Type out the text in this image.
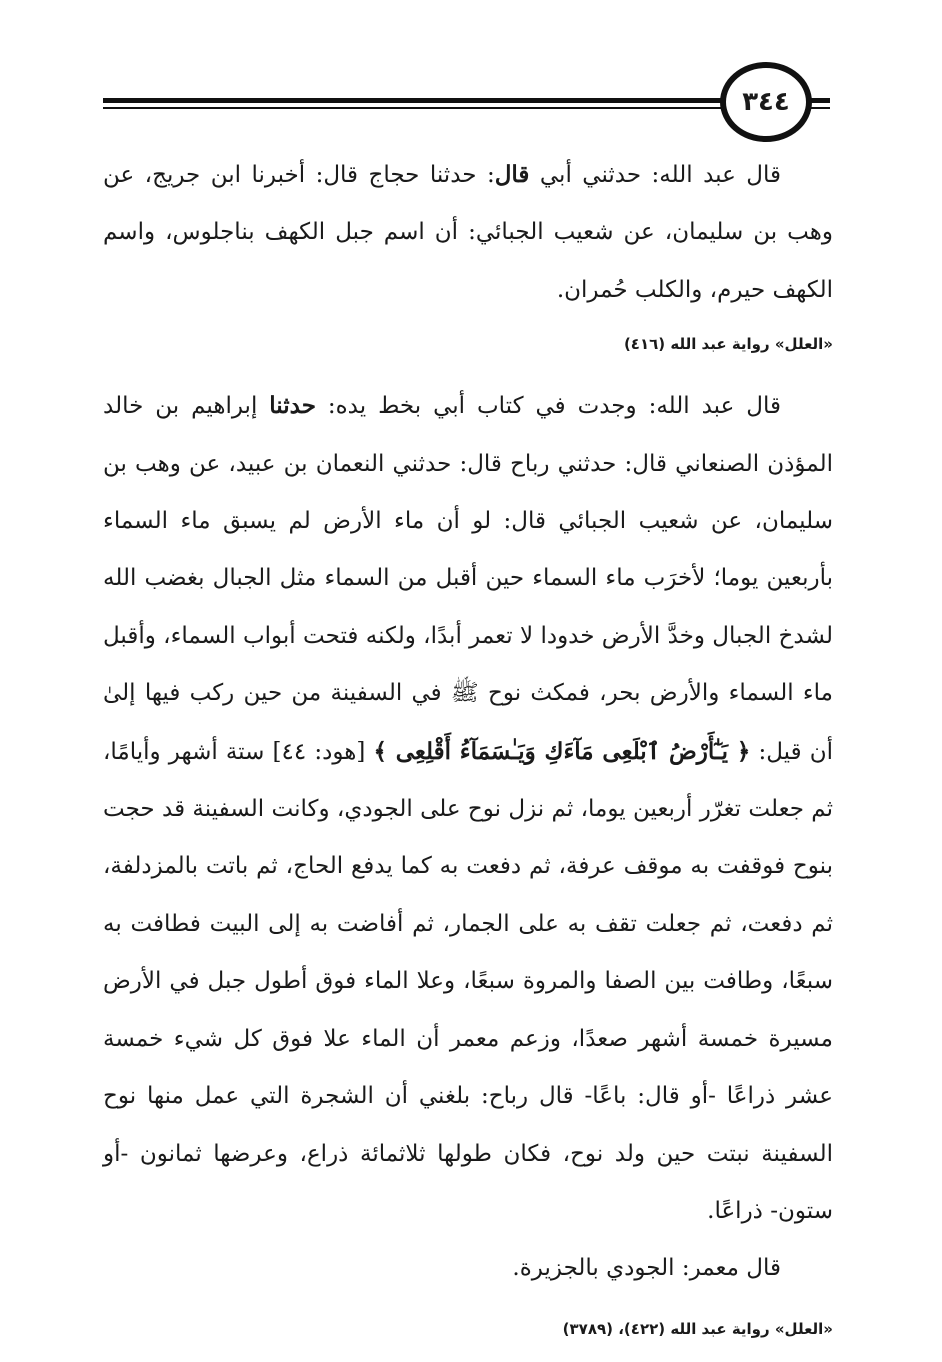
٣٤٤

قال عبد الله: حدثني أبي قال: حدثنا حجاج قال: أخبرنا ابن جريج، عن وهب بن سليمان، عن شعيب الجبائي: أن اسم جبل الكهف بناجلوس، واسم الكهف حيرم، والكلب حُمران.

«العلل» رواية عبد الله (٤١٦)

قال عبد الله: وجدت في كتاب أبي بخط يده: حدثنا إبراهيم بن خالد المؤذن الصنعاني قال: حدثني رباح قال: حدثني النعمان بن عبيد، عن وهب بن سليمان، عن شعيب الجبائي قال: لو أن ماء الأرض لم يسبق ماء السماء بأربعين يوما؛ لأخرَب ماء السماء حين أقبل من السماء مثل الجبال بغضب الله لشدخ الجبال وخدَّ الأرض خدودا لا تعمر أبدًا، ولكنه فتحت أبواب السماء، وأقبل ماء السماء والأرض بحر، فمكث نوح ﷺ في السفينة من حين ركب فيها إلىٰ أن قيل: ﴿ يَـٰٓأَرْضُ ٱبْلَعِى مَآءَكِ وَيَـٰسَمَآءُ أَقْلِعِى ﴾ [هود: ٤٤] ستة أشهر وأيامًا، ثم جعلت تغرّر أربعين يوما، ثم نزل نوح على الجودي، وكانت السفينة قد حجت بنوح فوقفت به موقف عرفة، ثم دفعت به كما يدفع الحاج، ثم باتت بالمزدلفة، ثم دفعت، ثم جعلت تقف به على الجمار، ثم أفاضت به إلى البيت فطافت به سبعًا، وطافت بين الصفا والمروة سبعًا، وعلا الماء فوق أطول جبل في الأرض مسيرة خمسة أشهر صعدًا، وزعم معمر أن الماء علا فوق كل شيء خمسة عشر ذراعًا -أو قال: باعًا- قال رباح: بلغني أن الشجرة التي عمل منها نوح السفينة نبتت حين ولد نوح، فكان طولها ثلاثمائة ذراع، وعرضها ثمانون -أو ستون- ذراعًا.

قال معمر: الجودي بالجزيرة.

«العلل» رواية عبد الله (٤٢٢)، (٣٧٨٩)
